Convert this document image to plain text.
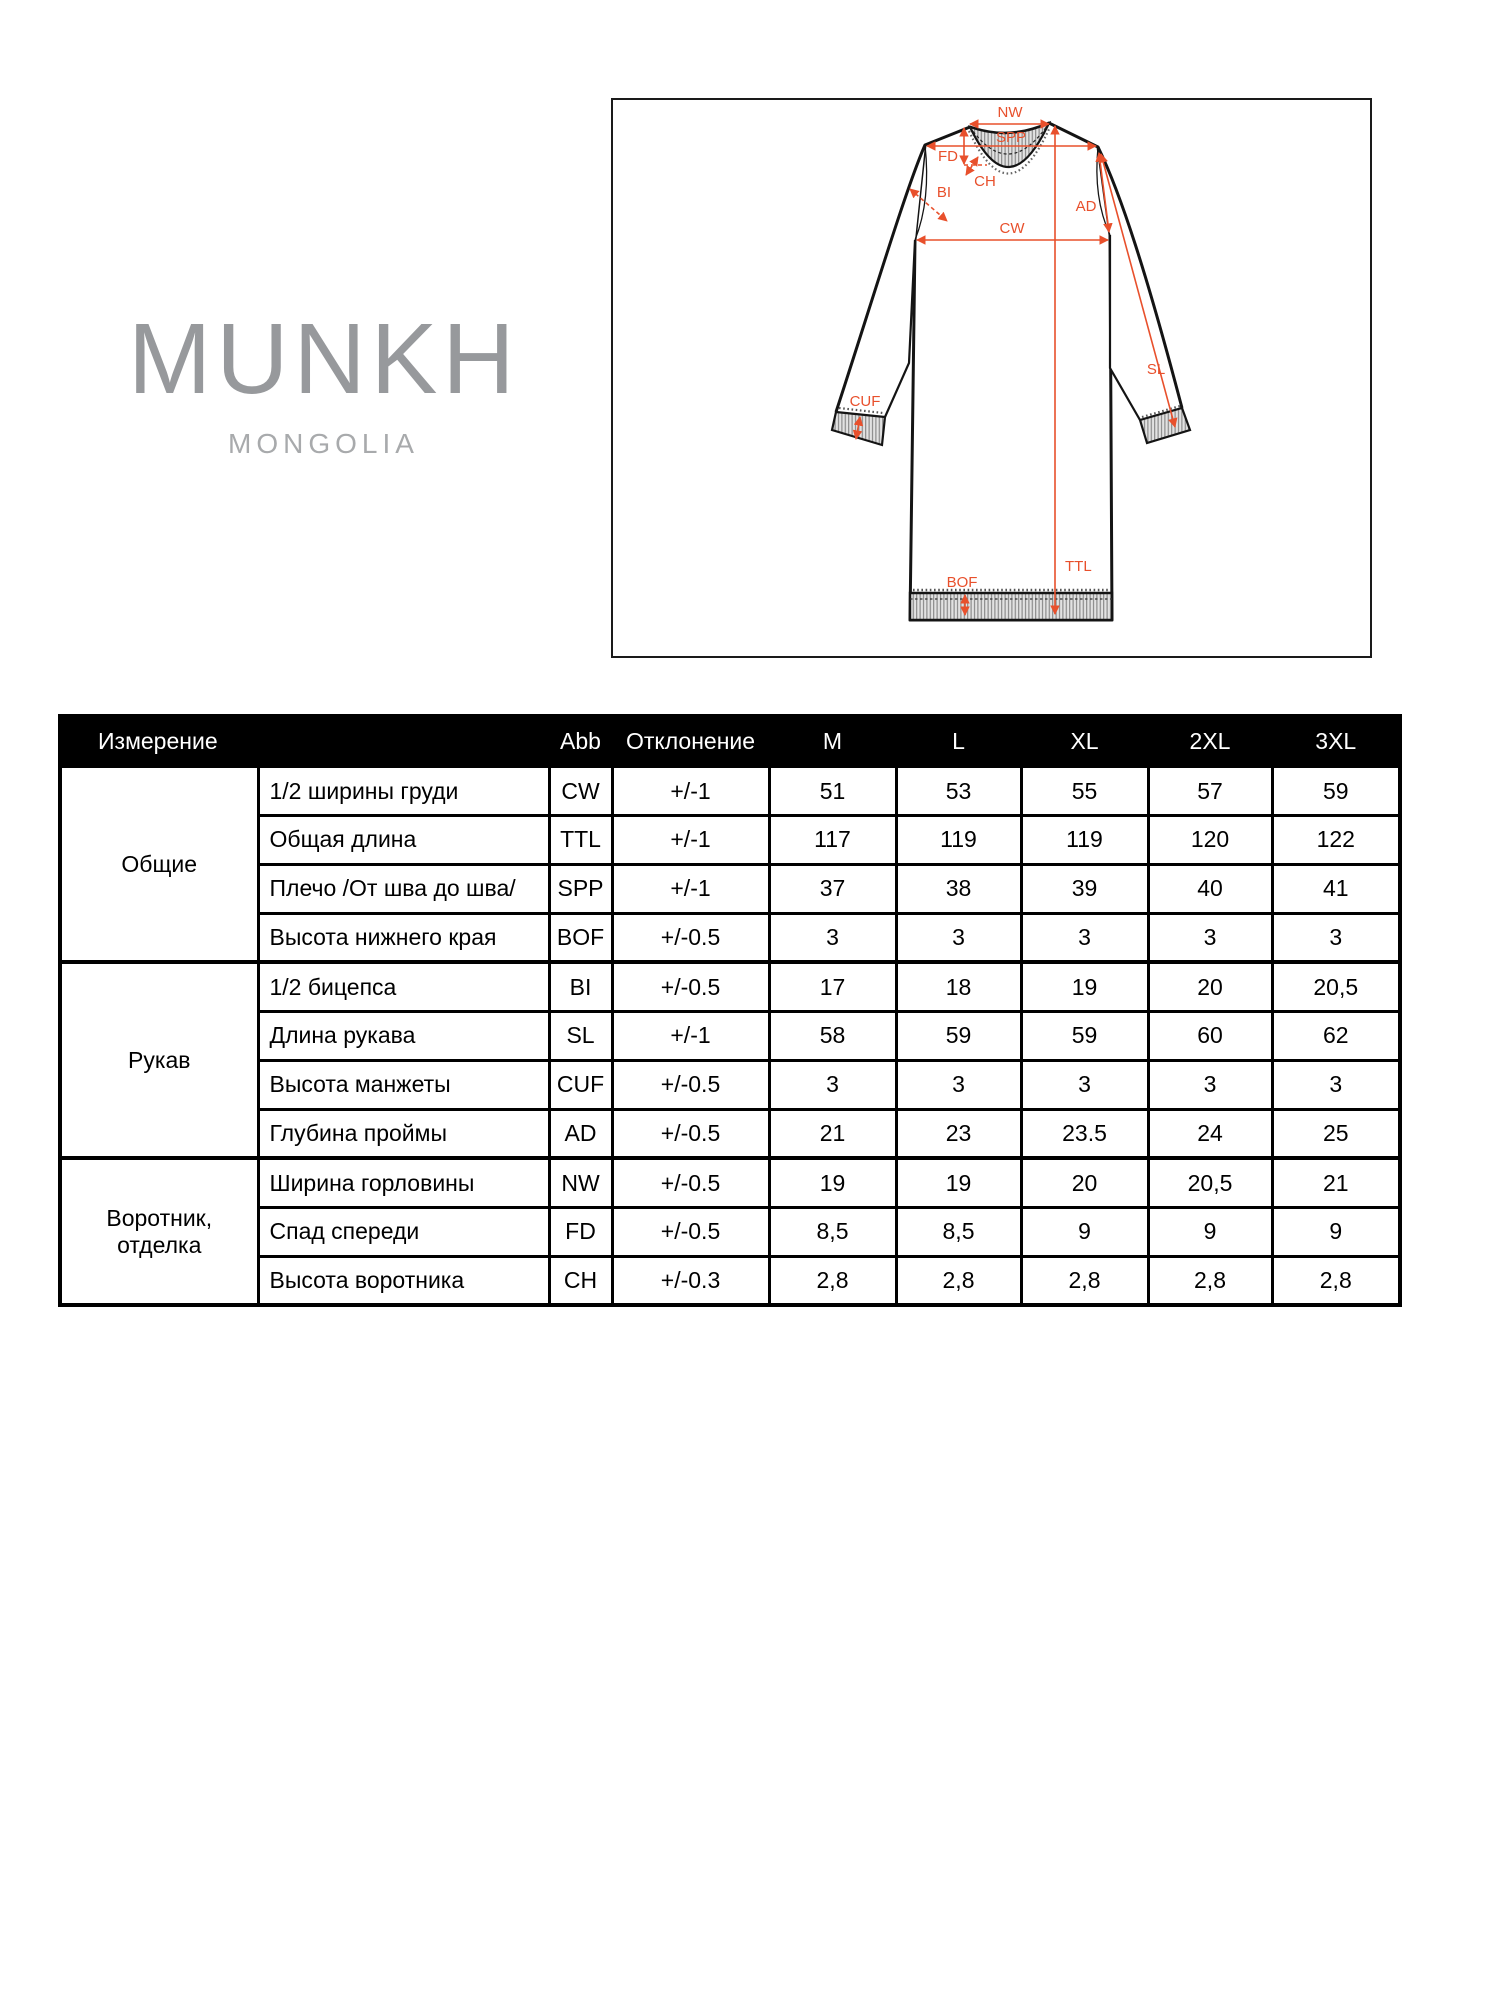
MUNKH
MONGOLIA
NW
SPP
FD
CH
BI
AD
CW
SL
TTL
BOF
CUF
Измерение		Abb	Отклонение	M	L	XL	2XL	3XL
Общие	1/2 ширины груди	CW	+/-1	51	53	55	57	59
	Общая длина	TTL	+/-1	117	119	119	120	122
	Плечо /От шва до шва/	SPP	+/-1	37	38	39	40	41
	Высота нижнего края	BOF	+/-0.5	3	3	3	3	3
Рукав	1/2 бицепса	BI	+/-0.5	17	18	19	20	20,5
	Длина рукава	SL	+/-1	58	59	59	60	62
	Высота манжеты	CUF	+/-0.5	3	3	3	3	3
	Глубина проймы	AD	+/-0.5	21	23	23.5	24	25
Воротник, отделка	Ширина горловины	NW	+/-0.5	19	19	20	20,5	21
	Спад спереди	FD	+/-0.5	8,5	8,5	9	9	9
	Высота воротника	CH	+/-0.3	2,8	2,8	2,8	2,8	2,8
